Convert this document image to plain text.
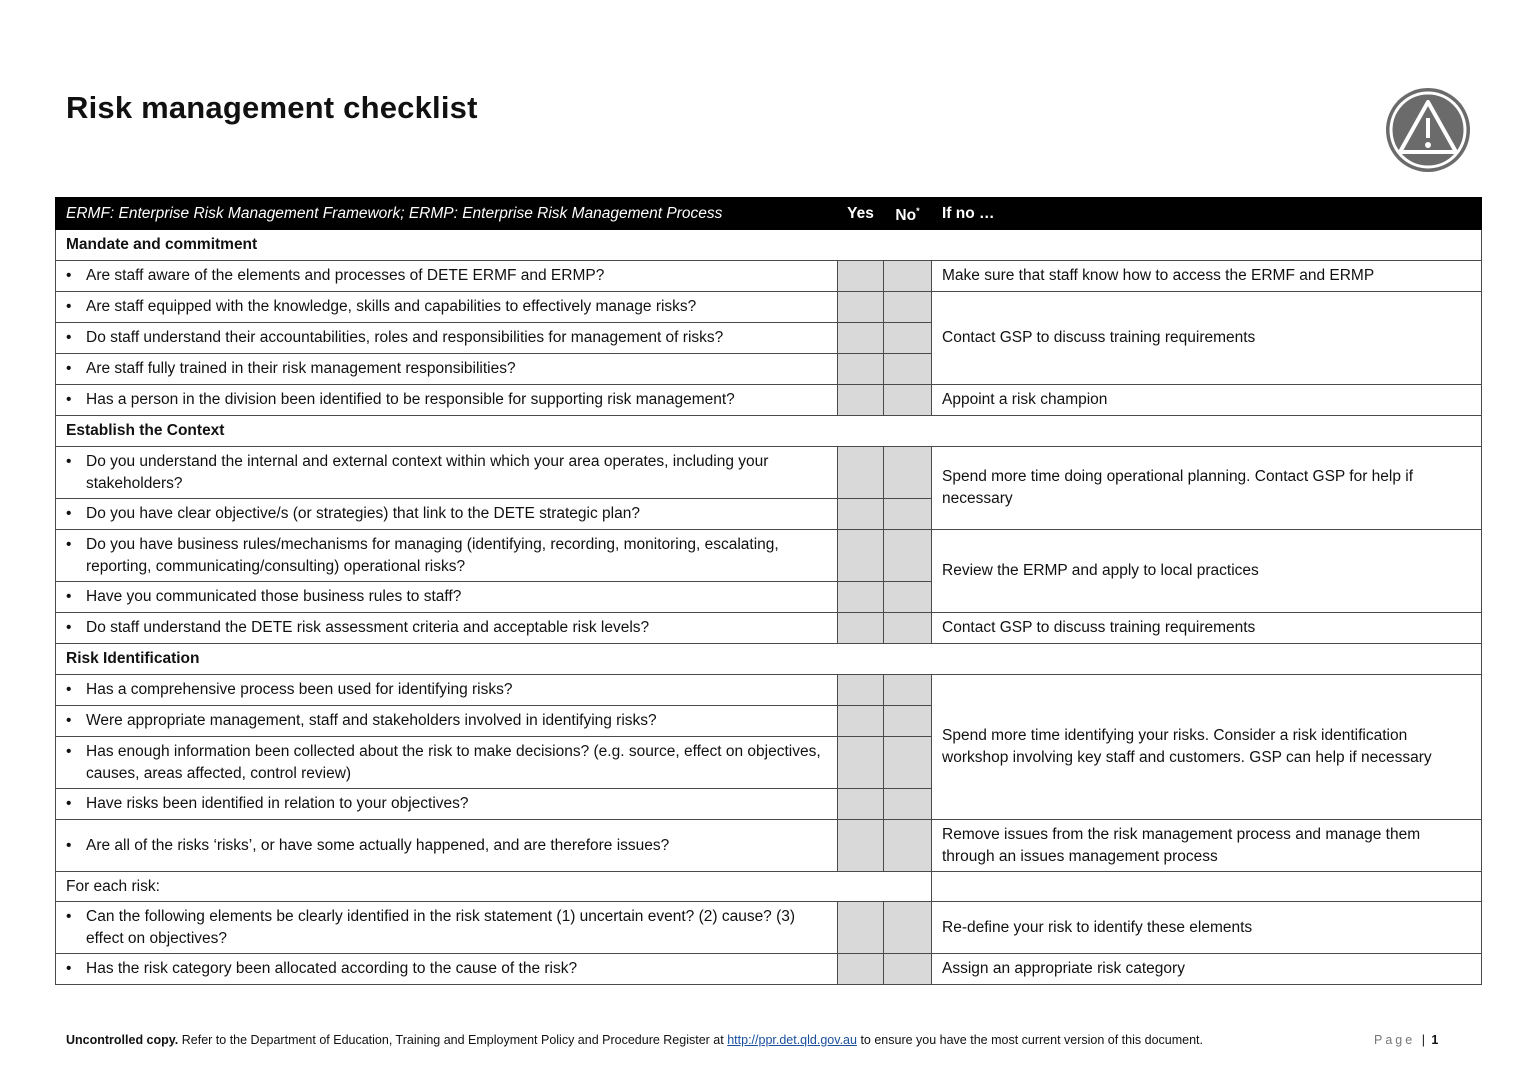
Risk management checklist
ERMF: Enterprise Risk Management Framework; ERMP: Enterprise Risk Management Process	Yes	No*	If no …
Mandate and commitment			

• Are staff aware of the elements and processes of DETE ERMF and ERMP?			Make sure that staff know how to access the ERMF and ERMP

• Are staff equipped with the knowledge, skills and capabilities to effectively manage risks?			Contact GSP to discuss training requirements

• Do staff understand their accountabilities, roles and responsibilities for management of risks?			

• Are staff fully trained in their risk management responsibilities?			

• Has a person in the division been identified to be responsible for supporting risk management?			Appoint a risk champion
Establish the Context			

• Do you understand the internal and external context within which your area operates, including your stakeholders?			Spend more time doing operational planning. Contact GSP for help if necessary

• Do you have clear objective/s (or strategies) that link to the DETE strategic plan?			

• Do you have business rules/mechanisms for managing (identifying, recording, monitoring, escalating, reporting, communicating/consulting) operational risks?			Review the ERMP and apply to local practices

• Have you communicated those business rules to staff?			

• Do staff understand the DETE risk assessment criteria and acceptable risk levels?			Contact GSP to discuss training requirements
Risk Identification			

• Has a comprehensive process been used for identifying risks?			Spend more time identifying your risks. Consider a risk identification workshop involving key staff and customers. GSP can help if necessary

• Were appropriate management, staff and stakeholders involved in identifying risks?			

• Has enough information been collected about the risk to make decisions? (e.g. source, effect on objectives, causes, areas affected, control review)			

• Have risks been identified in relation to your objectives?			

• Are all of the risks ‘risks’, or have some actually happened, and are therefore issues?			Remove issues from the risk management process and manage them through an issues management process
For each risk:			

• Can the following elements be clearly identified in the risk statement (1) uncertain event? (2) cause? (3) effect on objectives?			Re-define your risk to identify these elements

• Has the risk category been allocated according to the cause of the risk?			Assign an appropriate risk category
Uncontrolled copy. Refer to the Department of Education, Training and Employment Policy and Procedure Register at http://ppr.det.qld.gov.au to ensure you have the most current version of this document.	Page | 1
